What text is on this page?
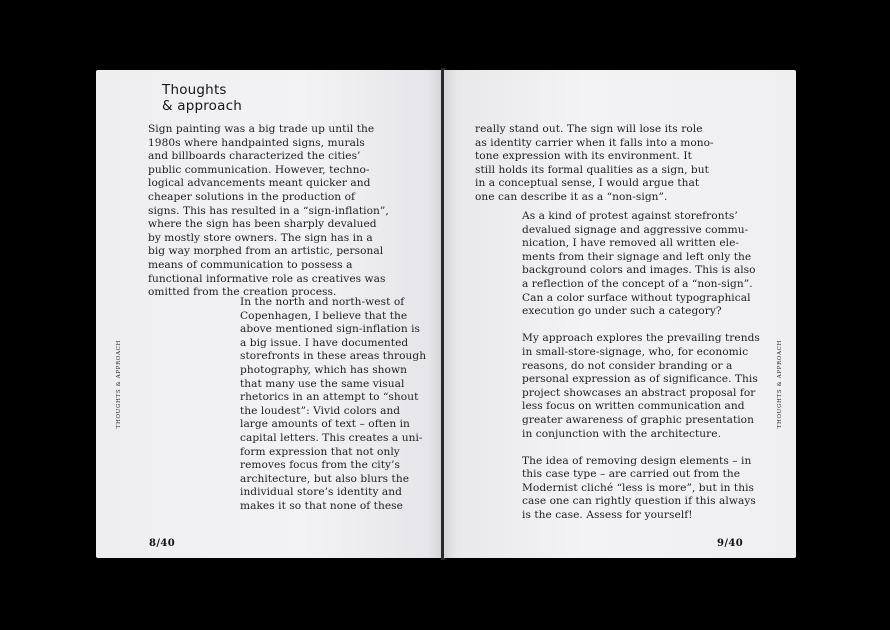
Thoughts
& approach
Sign painting was a big trade up until the
1980s where handpainted signs, murals
and billboards characterized the cities’
public communication. However, techno-
logical advancements meant quicker and
cheaper solutions in the production of
signs. This has resulted in a “sign-inflation”,
where the sign has been sharply devalued
by mostly store owners. The sign has in a
big way morphed from an artistic, personal
means of communication to possess a
functional informative role as creatives was
omitted from the creation process.
In the north and north-west of
Copenhagen, I believe that the
above mentioned sign-inflation is
a big issue. I have documented
storefronts in these areas through
photography, which has shown
that many use the same visual
rhetorics in an attempt to “shout
the loudest”: Vivid colors and
large amounts of text – often in
capital letters. This creates a uni-
form expression that not only
removes focus from the city’s
architecture, but also blurs the
individual store’s identity and
makes it so that none of these
THOUGHTS & APPROACH
8/40
really stand out. The sign will lose its role
as identity carrier when it falls into a mono-
tone expression with its environment. It
still holds its formal qualities as a sign, but
in a conceptual sense, I would argue that
one can describe it as a “non-sign”.
As a kind of protest against storefronts’
devalued signage and aggressive commu-
nication, I have removed all written ele-
ments from their signage and left only the
background colors and images. This is also
a reflection of the concept of a “non-sign”.
Can a color surface without typographical
execution go under such a category?
My approach explores the prevailing trends
in small-store-signage, who, for economic
reasons, do not consider branding or a
personal expression as of significance. This
project showcases an abstract proposal for
less focus on written communication and
greater awareness of graphic presentation
in conjunction with the architecture.
The idea of removing design elements – in
this case type – are carried out from the
Modernist cliché “less is more”, but in this
case one can rightly question if this always
is the case. Assess for yourself!
THOUGHTS & APPROACH
9/40
